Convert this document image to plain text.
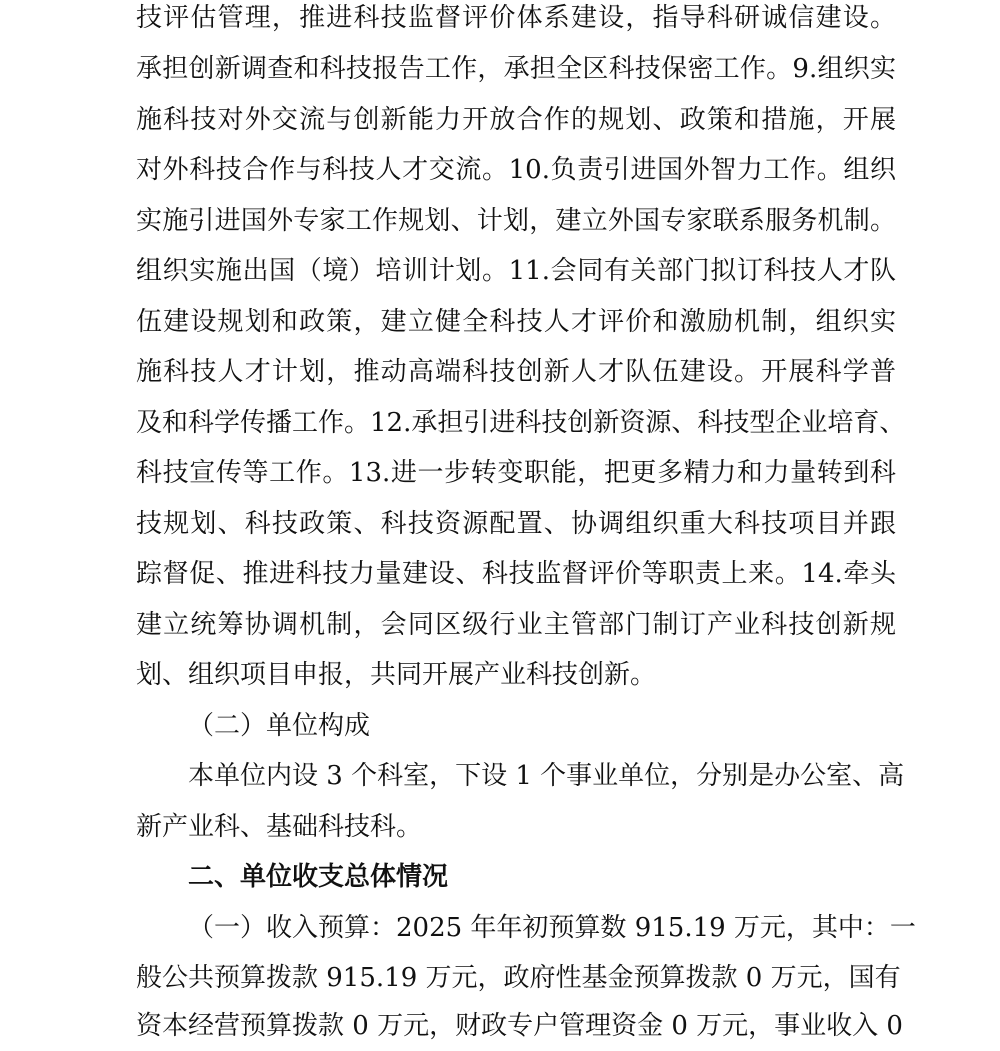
技评估管理，推进科技监督评价体系建设，指导科研诚信建设。

承担创新调查和科技报告工作，承担全区科技保密工作。9.组织实

施科技对外交流与创新能力开放合作的规划、政策和措施，开展

对外科技合作与科技人才交流。10.负责引进国外智力工作。组织

实施引进国外专家工作规划、计划，建立外国专家联系服务机制。

组织实施出国（境）培训计划。11.会同有关部门拟订科技人才队

伍建设规划和政策，建立健全科技人才评价和激励机制，组织实

施科技人才计划，推动高端科技创新人才队伍建设。开展科学普

及和科学传播工作。12.承担引进科技创新资源、科技型企业培育、

科技宣传等工作。13.进一步转变职能，把更多精力和力量转到科

技规划、科技政策、科技资源配置、协调组织重大科技项目并跟

踪督促、推进科技力量建设、科技监督评价等职责上来。14.牵头

建立统筹协调机制，会同区级行业主管部门制订产业科技创新规

划、组织项目申报，共同开展产业科技创新。

（二）单位构成

本单位内设 3 个科室，下设 1 个事业单位，分别是办公室、高

新产业科、基础科技科。

二、单位收支总体情况

（一）收入预算：2025 年年初预算数 915.19 万元，其中：一

般公共预算拨款 915.19 万元，政府性基金预算拨款 0 万元，国有

资本经营预算拨款 0 万元，财政专户管理资金 0 万元，事业收入 0
